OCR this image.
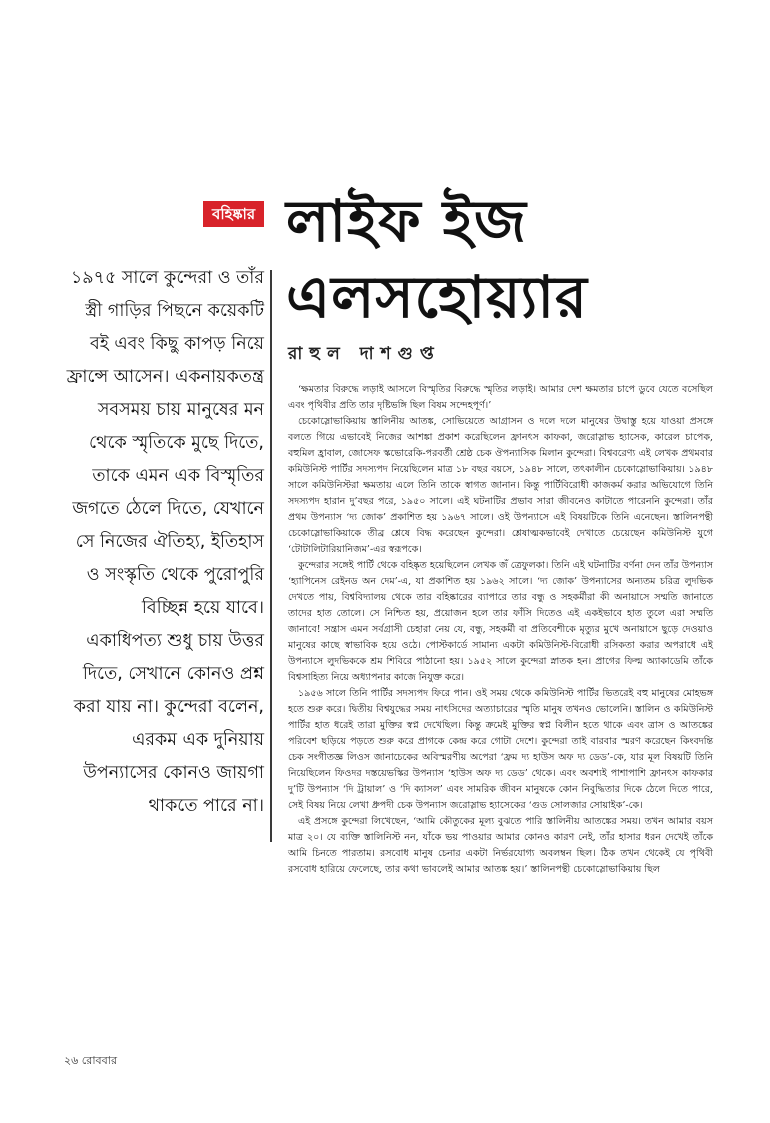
বহিষ্কার লাইফ ইজ
এলসহোয়্যার

রাহুল দাশগুপ্ত

১৯৭৫ সালে কুন্দেরা ও তাঁর স্ত্রী গাড়ির পিছনে কয়েকটি বই এবং কিছু কাপড় নিয়ে ফ্রান্সে আসেন। একনায়কতন্ত্র সবসময় চায় মানুষের মন থেকে স্মৃতিকে মুছে দিতে, তাকে এমন এক বিস্মৃতির জগতে ঠেলে দিতে, যেখানে সে নিজের ঐতিহ্য, ইতিহাস ও সংস্কৃতি থেকে পুরোপুরি বিচ্ছিন্ন হয়ে যাবে। একাধিপত্য শুধু চায় উত্তর দিতে, সেখানে কোনও প্রশ্ন করা যায় না। কুন্দেরা বলেন, এরকম এক দুনিয়ায় উপন্যাসের কোনও জায়গা থাকতে পারে না।

‘ক্ষমতার বিরুদ্ধে লড়াই আসলে বিস্মৃতির বিরুদ্ধে স্মৃতির লড়াই। আমার দেশ ক্ষমতার চাপে ডুবে যেতে বসেছিল এবং পৃথিবীর প্রতি তার দৃষ্টিভঙ্গি ছিল বিষম সন্দেহপূর্ণ।’

চেকোস্লোভাকিয়ায় স্তালিনীয় আতঙ্ক, সোভিয়েতে আগ্রাসন ও দলে দলে মানুষের উদ্বাস্তু হয়ে যাওয়া প্রসঙ্গে বলতে গিয়ে এভাবেই নিজের আশঙ্কা প্রকাশ করেছিলেন ফ্রানৎস কাফকা, জরোস্লাভ হ্যাসেক, কারেল চাপেক, বহুমিল হ্রাবাল, জোসেফ স্কভোরেকি-পরবর্তী শ্রেষ্ঠ চেক ঔপন্যাসিক মিলান কুন্দেরা। বিশ্ববরেণ্য এই লেখক প্রথমবার কমিউনিস্ট পার্টির সদস্যপদ নিয়েছিলেন মাত্র ১৮ বছর বয়সে, ১৯৪৮ সালে, তৎকালীন চেকোস্লোভাকিয়ায়। ১৯৪৮ সালে কমিউনিস্টরা ক্ষমতায় এলে তিনি তাকে স্বাগত জানান। কিন্তু পার্টিবিরোধী কাজকর্ম করার অভিযোগে তিনি সদস্যপদ হারান দু’বছর পরে, ১৯৫০ সালে। এই ঘটনাটির প্রভাব সারা জীবনেও কাটাতে পারেননি কুন্দেরা। তাঁর প্রথম উপন্যাস ‘দ্য জোক’ প্রকাশিত হয় ১৯৬৭ সালে। ওই উপন্যাসে এই বিষয়টিকে তিনি এনেছেন। স্তালিনপন্থী চেকোস্লোভাকিয়াকে তীব্র শ্লেষে বিদ্ধ করেছেন কুন্দেরা। শ্লেষাত্মকভাবেই দেখাতে চেয়েছেন কমিউনিস্ট যুগে ‘টোটালিটারিয়ানিজম’-এর স্বরূপকে।

কুন্দেরার সঙ্গেই পার্টি থেকে বহিষ্কৃত হয়েছিলেন লেখক জঁ ত্রেফুলকা। তিনি এই ঘটনাটির বর্ণনা দেন তাঁর উপন্যাস ‘হ্যাপিনেস রেইনড অন দেম’-এ, যা প্রকাশিত হয় ১৯৬২ সালে। ‘দ্য জোক’ উপন্যাসের অন্যতম চরিত্র লুদভিক দেখতে পায়, বিশ্ববিদ্যালয় থেকে তার বহিষ্কারের ব্যাপারে তার বন্ধু ও সহকর্মীরা কী অনায়াসে সম্মতি জানাতে তাদের হাত তোলে। সে নিশ্চিত হয়, প্রয়োজন হলে তার ফাঁসি দিতেও এই একইভাবে হাত তুলে এরা সম্মতি জানাবে! সন্ত্রাস এমন সর্বগ্রাসী চেহারা নেয় যে, বন্ধু, সহকর্মী বা প্রতিবেশীকে মৃত্যুর মুখে অনায়াসে ছুড়ে দেওয়াও মানুষের কাছে স্বাভাবিক হয়ে ওঠে। পোস্টকার্ডে সামান্য একটা কমিউনিস্ট-বিরোধী রসিকতা করার অপরাধে এই উপন্যাসে লুদভিককে শ্রম শিবিরে পাঠানো হয়। ১৯৫২ সালে কুন্দেরা স্নাতক হন। প্রাগের ফিল্ম অ্যাকাডেমি তাঁকে বিশ্বসাহিত্য নিয়ে অধ্যাপনার কাজে নিযুক্ত করে।

১৯৫৬ সালে তিনি পার্টির সদস্যপদ ফিরে পান। ওই সময় থেকে কমিউনিস্ট পার্টির ভিতরেই বহু মানুষের মোহভঙ্গ হতে শুরু করে। দ্বিতীয় বিশ্বযুদ্ধের সময় নাৎসিদের অত্যাচারের স্মৃতি মানুষ তখনও ভোলেনি। স্তালিন ও কমিউনিস্ট পার্টির হাত ধরেই তারা মুক্তির স্বপ্ন দেখেছিল। কিন্তু ক্রমেই মুক্তির স্বপ্ন বিলীন হতে থাকে এবং ত্রাস ও আতঙ্কের পরিবেশ ছড়িয়ে পড়তে শুরু করে প্রাগকে কেন্দ্র করে গোটা দেশে। কুন্দেরা তাই বারবার স্মরণ করেছেন কিংবদন্তি চেক সংগীতজ্ঞ লিওস জানাচেকের অবিস্মরণীয় অপেরা ‘ফ্রম দ্য হাউস অফ দ্য ডেড’-কে, যার মূল বিষয়টি তিনি নিয়েছিলেন ফিওদর দস্তয়েভস্কির উপন্যাস ‘হাউস অফ দ্য ডেড’ থেকে। এবং অবশ্যই পাশাপাশি ফ্রানৎস কাফকার দু’টি উপন্যাস ‘দি ট্রায়াল’ ও ‘দি ক্যাসল’ এবং সামরিক জীবন মানুষকে কোন নিবুদ্ধিতার দিকে ঠেলে দিতে পারে, সেই বিষয় নিয়ে লেখা ধ্রুপদী চেক উপন্যাস জরোস্লাভ হ্যাসেকের ‘গুড সোলজার সোয়াইক’-কে।

এই প্রসঙ্গে কুন্দেরা লিখেছেন, ‘আমি কৌতুকের মূল্য বুঝতে পারি স্তালিনীয় আতঙ্কের সময়। তখন আমার বয়স মাত্র ২০। যে ব্যক্তি স্তালিনিস্ট নন, যাঁকে ভয় পাওয়ার আমার কোনও কারণ নেই, তাঁর হাসার ধরন দেখেই তাঁকে আমি চিনতে পারতাম। রসবোধ মানুষ চেনার একটা নির্ভরযোগ্য অবলম্বন ছিল। ঠিক তখন থেকেই যে পৃথিবী রসবোধ হারিয়ে ফেলেছে, তার কথা ভাবলেই আমার আতঙ্ক হয়।’ স্তালিনপন্থী চেকোস্লোভাকিয়ায় ছিল

২৬ রোববার
